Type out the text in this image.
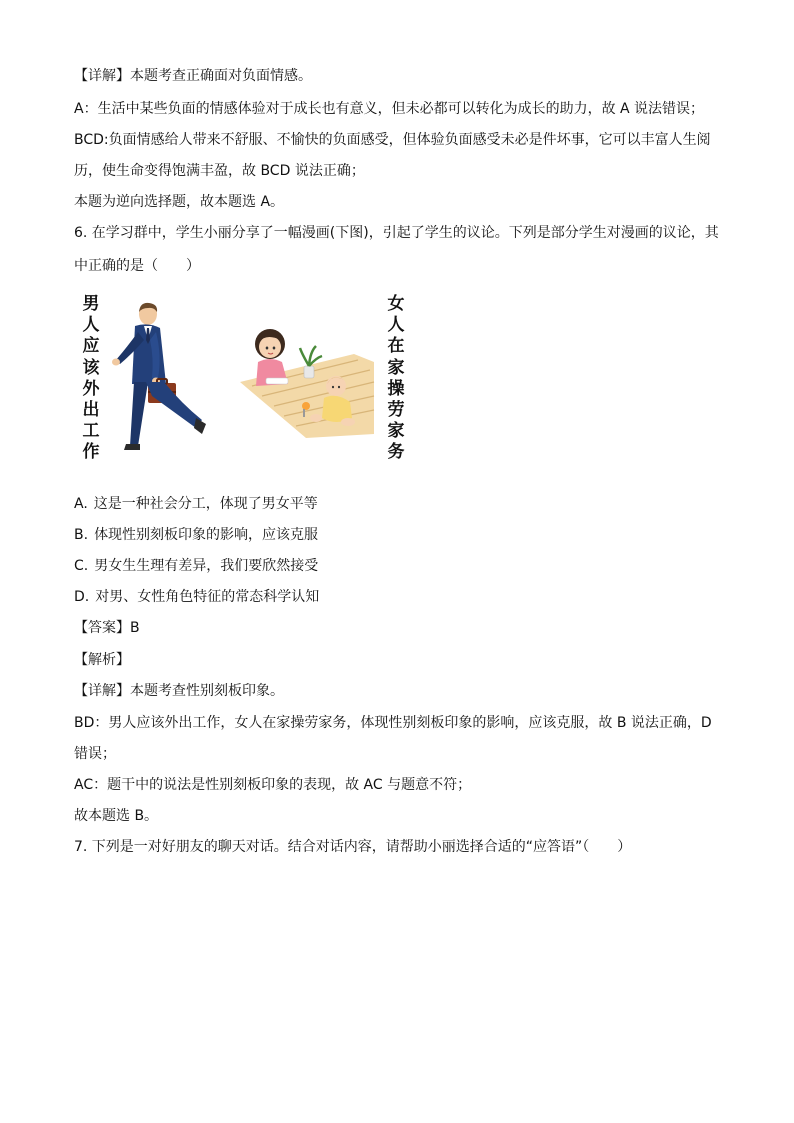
【详解】本题考查正确面对负面情感。
A：生活中某些负面的情感体验对于成长也有意义，但未必都可以转化为成长的助力，故 A 说法错误；
BCD:负面情感给人带来不舒服、不愉快的负面感受，但体验负面感受未必是件坏事，它可以丰富人生阅
历，使生命变得饱满丰盈，故 BCD 说法正确；
本题为逆向选择题，故本题选 A。
6. 在学习群中，学生小丽分享了一幅漫画(下图)，引起了学生的议论。下列是部分学生对漫画的议论，其
中正确的是（　　）
男人应该外出工作
女人在家操劳家务
A. 这是一种社会分工，体现了男女平等
B. 体现性别刻板印象的影响，应该克服
C. 男女生生理有差异，我们要欣然接受
D. 对男、女性角色特征的常态科学认知
【答案】B
【解析】
【详解】本题考查性别刻板印象。
BD：男人应该外出工作，女人在家操劳家务，体现性别刻板印象的影响，应该克服，故 B 说法正确，D
错误；
AC：题干中的说法是性别刻板印象的表现，故 AC 与题意不符；
故本题选 B。
7. 下列是一对好朋友的聊天对话。结合对话内容，请帮助小丽选择合适的“应答语”（　　）
